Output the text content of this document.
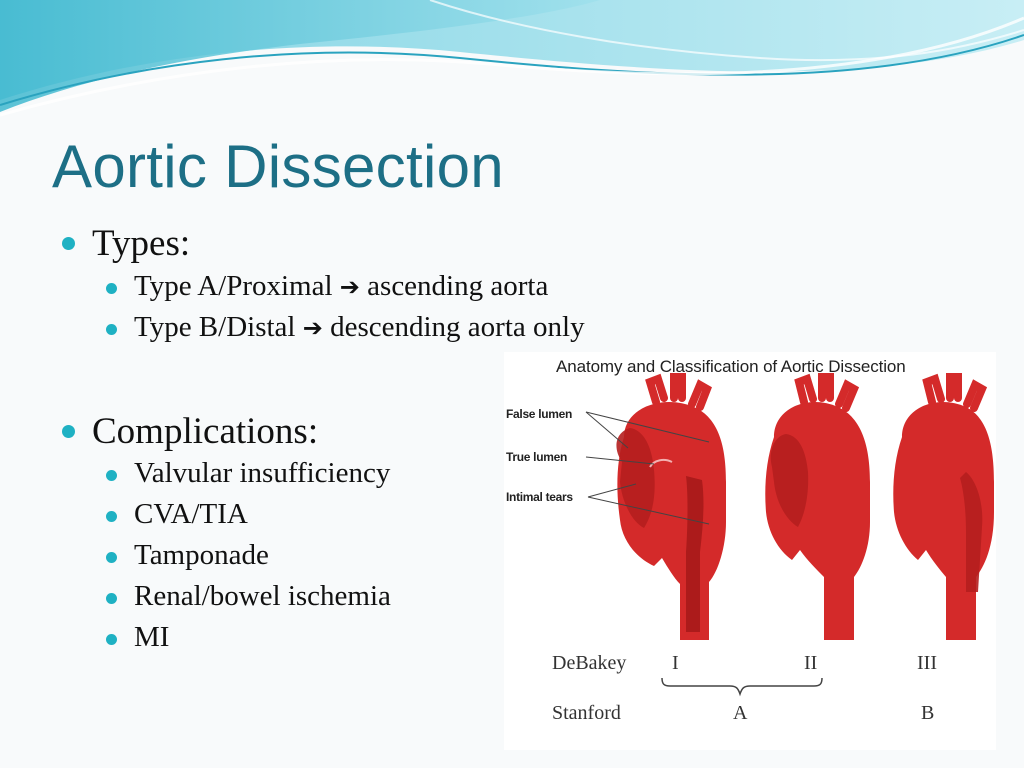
Aortic Dissection
Types:
Type A/Proximal ➔ ascending aorta
Type B/Distal ➔ descending aorta only
Complications:
Valvular insufficiency
CVA/TIA
Tamponade
Renal/bowel ischemia
MI
Anatomy and Classification of Aortic Dissection
False lumen
True lumen
Intimal tears
DeBakey I	II	III
Stanford	A	B
